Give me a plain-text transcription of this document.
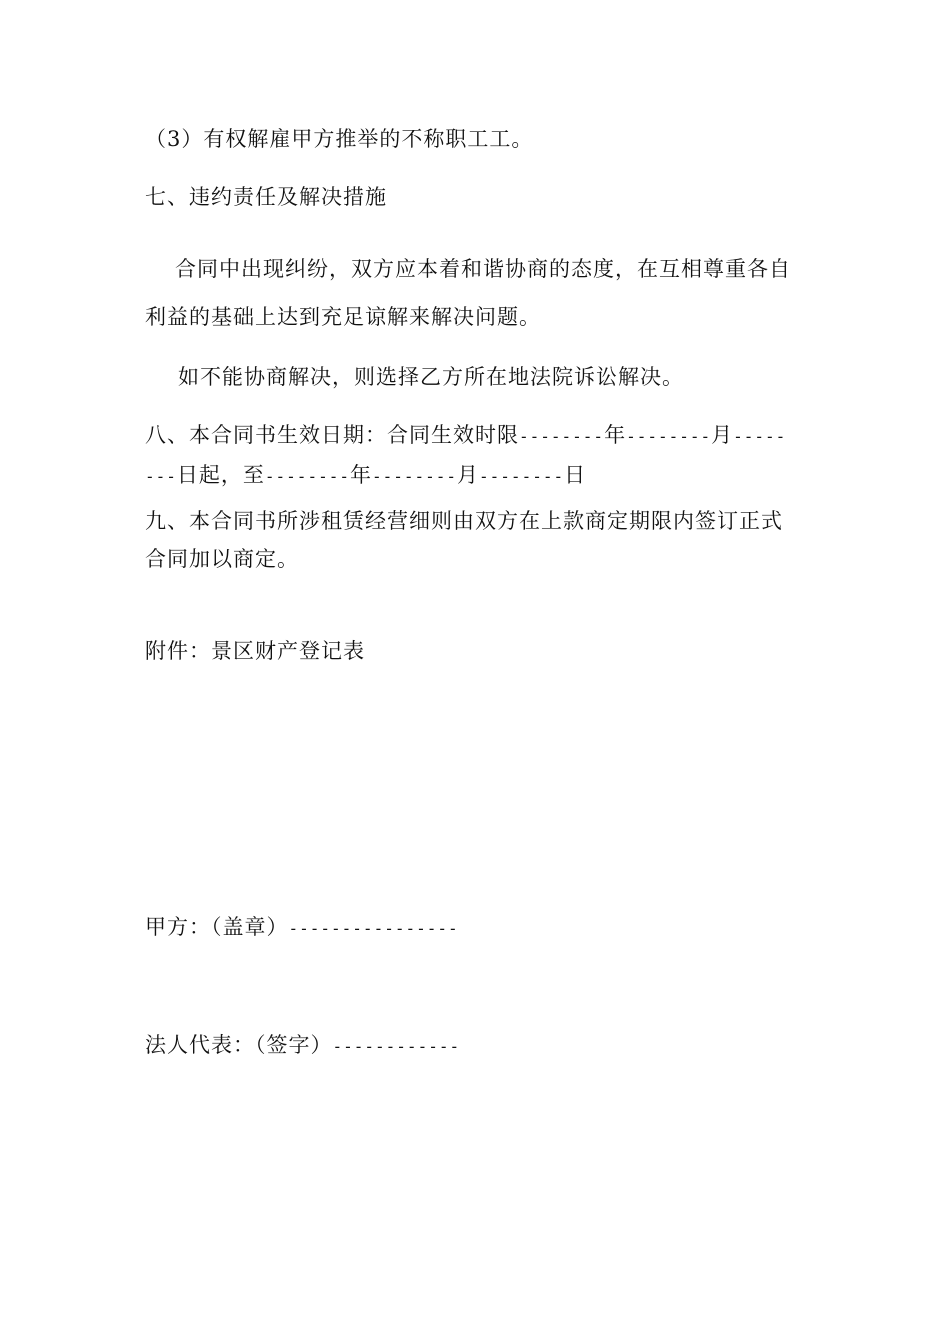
（3）有权解雇甲方推举的不称职工工。
七、违约责任及解决措施
合同中出现纠纷，双方应本着和谐协商的态度，在互相尊重各自
利益的基础上达到充足谅解来解决问题。
如不能协商解决，则选择乙方所在地法院诉讼解决。
八、本合同书生效日期：合同生效时限--------年--------月-----
---日起，至--------年--------月--------日
九、本合同书所涉租赁经营细则由双方在上款商定期限内签订正式
合同加以商定。
附件：景区财产登记表
甲方：（盖章）----------------
法人代表：（签字）------------
